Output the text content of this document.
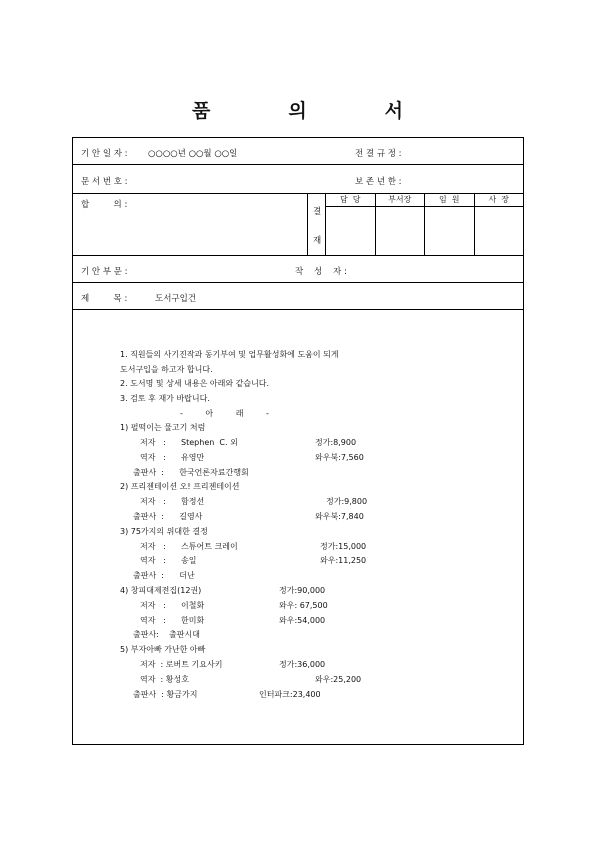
품	의	서
기 안 일 자 : ○○○○년 ○○월 ○○일	전 결 규 정 :
문 서 번 호 :	보 존 년 한 :
합         의 :
결
재
담  당	부서장	임  원	사  장
기 안 부 문 :	작    성    자 :
제         목 :	도서구입건
1. 직원들의 사기진작과 동기부여 및 업무활성화에 도움이 되게
도서구입을 하고자 합니다.
2. 도서명 및 상세 내용은 아래와 같습니다.
3. 검토 후 재가 바랍니다.
- 아 래 -
1) 펄떡이는 물고기 처럼
저자   :      Stephen  C. 외	정가:8,900
역자   :      유영만	와우북:7,560
출판사  :      한국언론자료간행회
2) 프리젠테이션 오! 프리젠테이션
저자   :      함정선	정가:9,800
출판사  :      길영사	와우북:7,840
3) 75가지의 위대한 결정
저자   :      스튜어트 크레이	정가:15,000
역자   :      송일	와우:11,250
출판사  :      더난
4) 창피대제전집(12권)	정가:90,000
저자   :      이철화	와우: 67,500
역자   :      한미화	와우:54,000
출판사:    출판시대
5) 부자아빠 가난한 아빠
저자  : 로버트 기요사키	정가:36,000
역자  : 황성호	와우:25,200
출판사  : 황금가지	인터파크:23,400
